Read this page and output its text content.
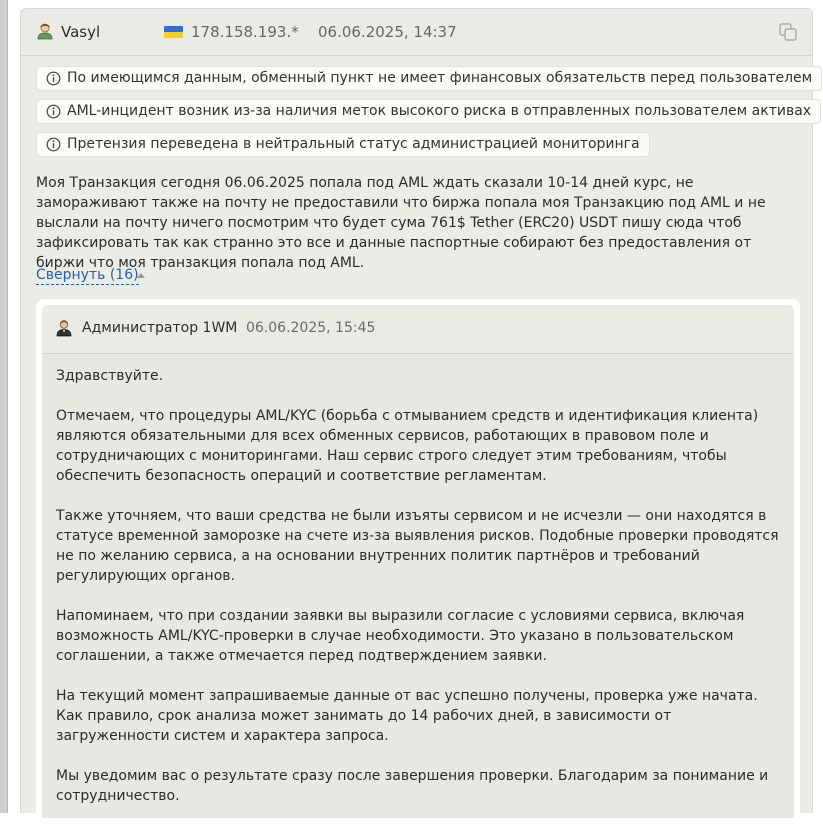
Vasyl	178.158.193.* 06.06.2025, 14:37
По имеющимся данным, обменный пункт не имеет финансовых обязательств перед пользователем
AML-инцидент возник из-за наличия меток высокого риска в отправленных пользователем активах
Претензия переведена в нейтральный статус администрацией мониторинга
Моя Транзакция сегодня 06.06.2025 попала под AML ждать сказали 10-14 дней курс, не замораживают также на почту не предоставили что биржа попала моя Транзакцию под AML и не выслали на почту ничего посмотрим что будет сума 761$ Tether (ERC20) USDT пишу сюда чтоб зафиксировать так как странно это все и данные паспортные собирают без предоставления от биржи что моя транзакция попала под AML.
Свернуть (16)
Администратор 1WM 06.06.2025, 15:45

Здравствуйте.

Отмечаем, что процедуры AML/KYC (борьба с отмыванием средств и идентификация клиента) являются обязательными для всех обменных сервисов, работающих в правовом поле и сотрудничающих с мониторингами. Наш сервис строго следует этим требованиям, чтобы обеспечить безопасность операций и соответствие регламентам.

Также уточняем, что ваши средства не были изъяты сервисом и не исчезли — они находятся в статусе временной заморозке на счете из-за выявления рисков. Подобные проверки проводятся не по желанию сервиса, а на основании внутренних политик партнёров и требований регулирующих органов.

Напоминаем, что при создании заявки вы выразили согласие с условиями сервиса, включая возможность AML/KYC-проверки в случае необходимости. Это указано в пользовательском соглашении, а также отмечается перед подтверждением заявки.

На текущий момент запрашиваемые данные от вас успешно получены, проверка уже начата. Как правило, срок анализа может занимать до 14 рабочих дней, в зависимости от загруженности систем и характера запроса.

Мы уведомим вас о результате сразу после завершения проверки. Благодарим за понимание и сотрудничество.
